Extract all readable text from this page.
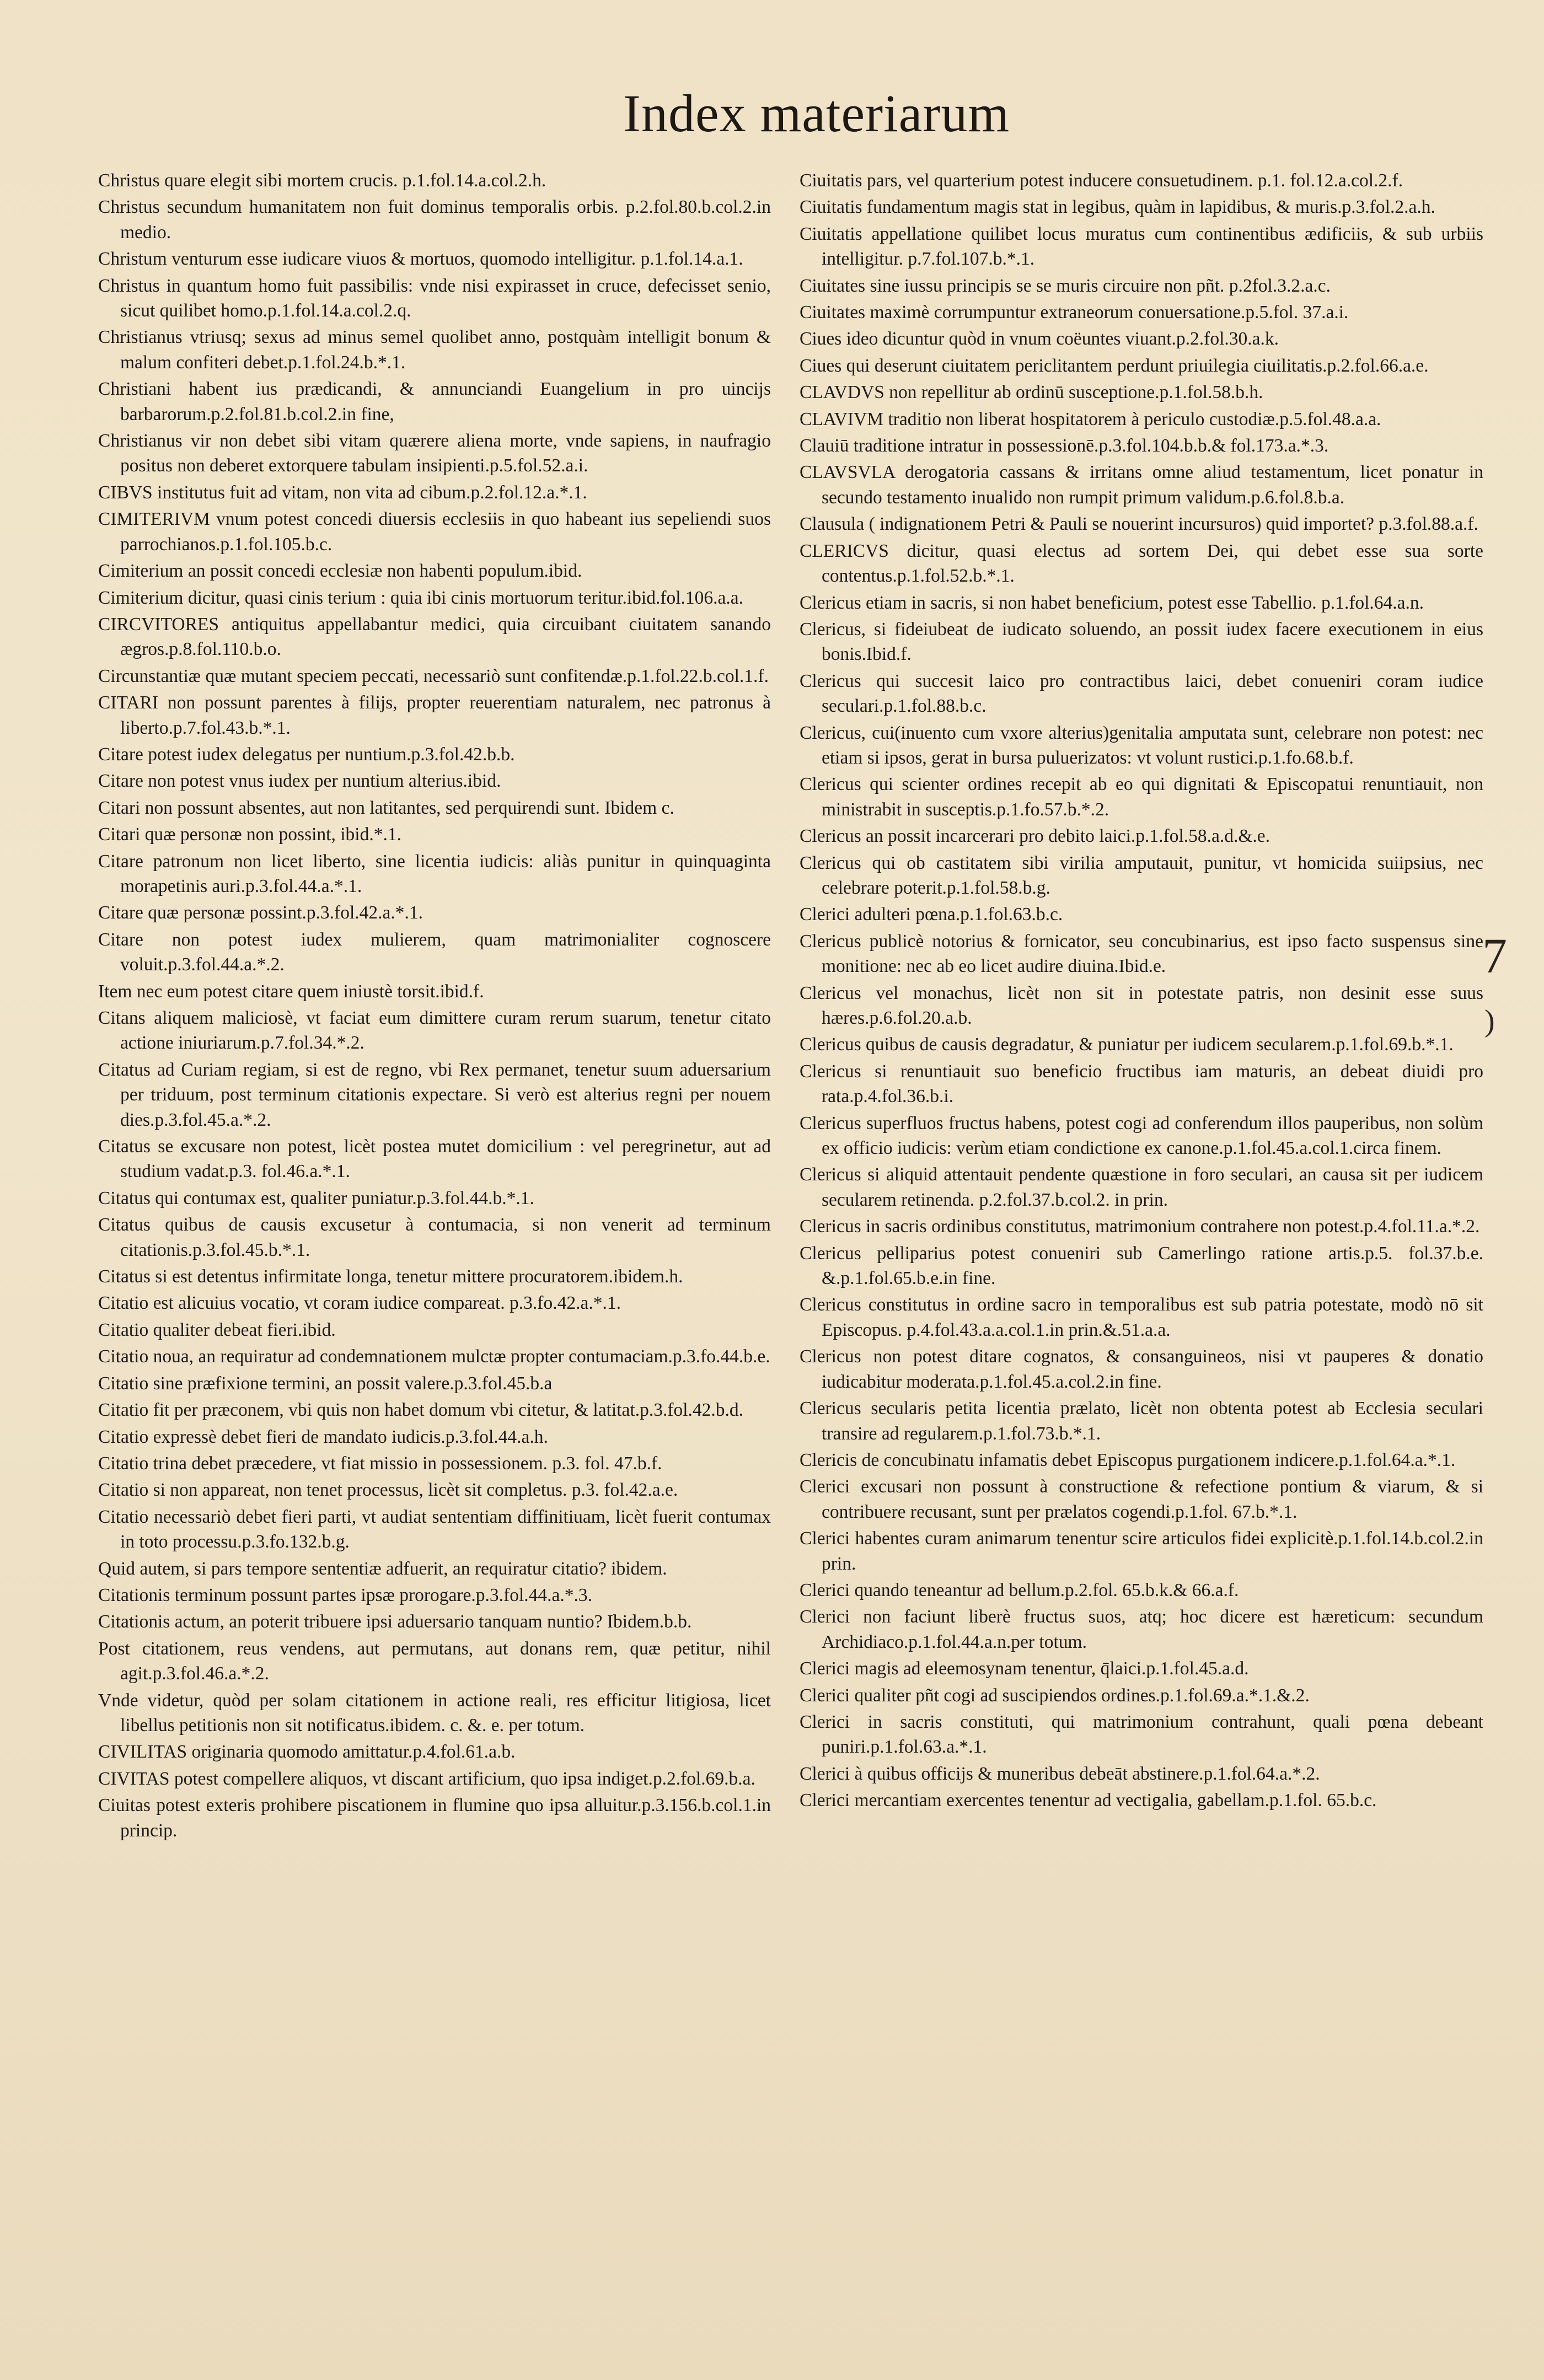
Index materiarum

Christus quare elegit sibi mortem crucis. p.1.fol.14.a.col.2.h.

Christus secundum humanitatem non fuit dominus temporalis orbis. p.2.fol.80.b.col.2.in medio.

Christum venturum esse iudicare viuos & mortuos, quomodo intelligitur. p.1.fol.14.a.1.

Christus in quantum homo fuit passibilis: vnde nisi expirasset in cruce, defecisset senio, sicut quilibet homo.p.1.fol.14.a.col.2.q.

Christianus vtriusq; sexus ad minus semel quolibet anno, postquàm intelligit bonum & malum confiteri debet.p.1.fol.24.b.*.1.

Christiani habent ius prædicandi, & annunciandi Euangelium in pro uincijs barbarorum.p.2.fol.81.b.col.2.in fine,

Christianus vir non debet sibi vitam quærere aliena morte, vnde sapiens, in naufragio positus non deberet extorquere tabulam insipienti.p.5.fol.52.a.i.

CIBVS institutus fuit ad vitam, non vita ad cibum.p.2.fol.12.a.*.1.

CIMITERIVM vnum potest concedi diuersis ecclesiis in quo habeant ius sepeliendi suos parrochianos.p.1.fol.105.b.c.

Cimiterium an possit concedi ecclesiæ non habenti populum.ibid.

Cimiterium dicitur, quasi cinis terium : quia ibi cinis mortuorum teritur.ibid.fol.106.a.a.

CIRCVITORES antiquitus appellabantur medici, quia circuibant ciuitatem sanando ægros.p.8.fol.110.b.o.

Circunstantiæ quæ mutant speciem peccati, necessariò sunt confitendæ.p.1.fol.22.b.col.1.f.

CITARI non possunt parentes à filijs, propter reuerentiam naturalem, nec patronus à liberto.p.7.fol.43.b.*.1.

Citare potest iudex delegatus per nuntium.p.3.fol.42.b.b.

Citare non potest vnus iudex per nuntium alterius.ibid.

Citari non possunt absentes, aut non latitantes, sed perquirendi sunt. Ibidem c.

Citari quæ personæ non possint, ibid.*.1.

Citare patronum non licet liberto, sine licentia iudicis: aliàs punitur in quinquaginta morapetinis auri.p.3.fol.44.a.*.1.

Citare quæ personæ possint.p.3.fol.42.a.*.1.

Citare non potest iudex mulierem, quam matrimonialiter cognoscere voluit.p.3.fol.44.a.*.2.

Item nec eum potest citare quem iniustè torsit.ibid.f.

Citans aliquem maliciosè, vt faciat eum dimittere curam rerum suarum, tenetur citato actione iniuriarum.p.7.fol.34.*.2.

Citatus ad Curiam regiam, si est de regno, vbi Rex permanet, tenetur suum aduersarium per triduum, post terminum citationis expectare. Si verò est alterius regni per nouem dies.p.3.fol.45.a.*.2.

Citatus se excusare non potest, licèt postea mutet domicilium : vel peregrinetur, aut ad studium vadat.p.3. fol.46.a.*.1.

Citatus qui contumax est, qualiter puniatur.p.3.fol.44.b.*.1.

Citatus quibus de causis excusetur à contumacia, si non venerit ad terminum citationis.p.3.fol.45.b.*.1.

Citatus si est detentus infirmitate longa, tenetur mittere procuratorem.ibidem.h.

Citatio est alicuius vocatio, vt coram iudice compareat. p.3.fo.42.a.*.1.

Citatio qualiter debeat fieri.ibid.

Citatio noua, an requiratur ad condemnationem mulctæ propter contumaciam.p.3.fo.44.b.e.

Citatio sine præfixione termini, an possit valere.p.3.fol.45.b.a

Citatio fit per præconem, vbi quis non habet domum vbi citetur, & latitat.p.3.fol.42.b.d.

Citatio expressè debet fieri de mandato iudicis.p.3.fol.44.a.h.

Citatio trina debet præcedere, vt fiat missio in possessionem. p.3. fol. 47.b.f.

Citatio si non appareat, non tenet processus, licèt sit completus. p.3. fol.42.a.e.

Citatio necessariò debet fieri parti, vt audiat sententiam diffinitiuam, licèt fuerit contumax in toto processu.p.3.fo.132.b.g.

Quid autem, si pars tempore sententiæ adfuerit, an requiratur citatio? ibidem.

Citationis terminum possunt partes ipsæ prorogare.p.3.fol.44.a.*.3.

Citationis actum, an poterit tribuere ipsi aduersario tanquam nuntio? Ibidem.b.b.

Post citationem, reus vendens, aut permutans, aut donans rem, quæ petitur, nihil agit.p.3.fol.46.a.*.2.

Vnde videtur, quòd per solam citationem in actione reali, res efficitur litigiosa, licet libellus petitionis non sit notificatus.ibidem. c. &. e. per totum.

CIVILITAS originaria quomodo amittatur.p.4.fol.61.a.b.

CIVITAS potest compellere aliquos, vt discant artificium, quo ipsa indiget.p.2.fol.69.b.a.

Ciuitas potest exteris prohibere piscationem in flumine quo ipsa alluitur.p.3.156.b.col.1.in princip.

Ciuitatis pars, vel quarterium potest inducere consuetudinem. p.1. fol.12.a.col.2.f.

Ciuitatis fundamentum magis stat in legibus, quàm in lapidibus, & muris.p.3.fol.2.a.h.

Ciuitatis appellatione quilibet locus muratus cum continentibus ædificiis, & sub urbiis intelligitur. p.7.fol.107.b.*.1.

Ciuitates sine iussu principis se se muris circuire non pñt. p.2fol.3.2.a.c.

Ciuitates maximè corrumpuntur extraneorum conuersatione.p.5.fol. 37.a.i.

Ciues ideo dicuntur quòd in vnum coëuntes viuant.p.2.fol.30.a.k.

Ciues qui deserunt ciuitatem periclitantem perdunt priuilegia ciuilitatis.p.2.fol.66.a.e.

CLAVDVS non repellitur ab ordinū susceptione.p.1.fol.58.b.h.

CLAVIVM traditio non liberat hospitatorem à periculo custodiæ.p.5.fol.48.a.a.

Clauiū traditione intratur in possessionē.p.3.fol.104.b.b.& fol.173.a.*.3.

CLAVSVLA derogatoria cassans & irritans omne aliud testamentum, licet ponatur in secundo testamento inualido non rumpit primum validum.p.6.fol.8.b.a.

Clausula ( indignationem Petri & Pauli se nouerint incursuros) quid importet? p.3.fol.88.a.f.

CLERICVS dicitur, quasi electus ad sortem Dei, qui debet esse sua sorte contentus.p.1.fol.52.b.*.1.

Clericus etiam in sacris, si non habet beneficium, potest esse Tabellio. p.1.fol.64.a.n.

Clericus, si fideiubeat de iudicato soluendo, an possit iudex facere executionem in eius bonis.Ibid.f.

Clericus qui succesit laico pro contractibus laici, debet conueniri coram iudice seculari.p.1.fol.88.b.c.

Clericus, cui(inuento cum vxore alterius)genitalia amputata sunt, celebrare non potest: nec etiam si ipsos, gerat in bursa puluerizatos: vt volunt rustici.p.1.fo.68.b.f.

Clericus qui scienter ordines recepit ab eo qui dignitati & Episcopatui renuntiauit, non ministrabit in susceptis.p.1.fo.57.b.*.2.

Clericus an possit incarcerari pro debito laici.p.1.fol.58.a.d.&.e.

Clericus qui ob castitatem sibi virilia amputauit, punitur, vt homicida suiipsius, nec celebrare poterit.p.1.fol.58.b.g.

Clerici adulteri pœna.p.1.fol.63.b.c.

Clericus publicè notorius & fornicator, seu concubinarius, est ipso facto suspensus sine monitione: nec ab eo licet audire diuina.Ibid.e.

Clericus vel monachus, licèt non sit in potestate patris, non desinit esse suus hæres.p.6.fol.20.a.b.

Clericus quibus de causis degradatur, & puniatur per iudicem secularem.p.1.fol.69.b.*.1.

Clericus si renuntiauit suo beneficio fructibus iam maturis, an debeat diuidi pro rata.p.4.fol.36.b.i.

Clericus superfluos fructus habens, potest cogi ad conferendum illos pauperibus, non solùm ex officio iudicis: verùm etiam condictione ex canone.p.1.fol.45.a.col.1.circa finem.

Clericus si aliquid attentauit pendente quæstione in foro seculari, an causa sit per iudicem secularem retinenda. p.2.fol.37.b.col.2. in prin.

Clericus in sacris ordinibus constitutus, matrimonium contrahere non potest.p.4.fol.11.a.*.2.

Clericus pelliparius potest conueniri sub Camerlingo ratione artis.p.5. fol.37.b.e. &.p.1.fol.65.b.e.in fine.

Clericus constitutus in ordine sacro in temporalibus est sub patria potestate, modò nō sit Episcopus. p.4.fol.43.a.a.col.1.in prin.&.51.a.a.

Clericus non potest ditare cognatos, & consanguineos, nisi vt pauperes & donatio iudicabitur moderata.p.1.fol.45.a.col.2.in fine.

Clericus secularis petita licentia prælato, licèt non obtenta potest ab Ecclesia seculari transire ad regularem.p.1.fol.73.b.*.1.

Clericis de concubinatu infamatis debet Episcopus purgationem indicere.p.1.fol.64.a.*.1.

Clerici excusari non possunt à constructione & refectione pontium & viarum, & si contribuere recusant, sunt per prælatos cogendi.p.1.fol. 67.b.*.1.

Clerici habentes curam animarum tenentur scire articulos fidei explicitè.p.1.fol.14.b.col.2.in prin.

Clerici quando teneantur ad bellum.p.2.fol. 65.b.k.& 66.a.f.

Clerici non faciunt liberè fructus suos, atq; hoc dicere est hæreticum: secundum Archidiaco.p.1.fol.44.a.n.per totum.

Clerici magis ad eleemosynam tenentur, q̄laici.p.1.fol.45.a.d.

Clerici qualiter pñt cogi ad suscipiendos ordines.p.1.fol.69.a.*.1.&.2.

Clerici in sacris constituti, qui matrimonium contrahunt, quali pœna debeant puniri.p.1.fol.63.a.*.1.

Clerici à quibus officijs & muneribus debeāt abstinere.p.1.fol.64.a.*.2.

Clerici mercantiam exercentes tenentur ad vectigalia, gabellam.p.1.fol. 65.b.c.

7
)
